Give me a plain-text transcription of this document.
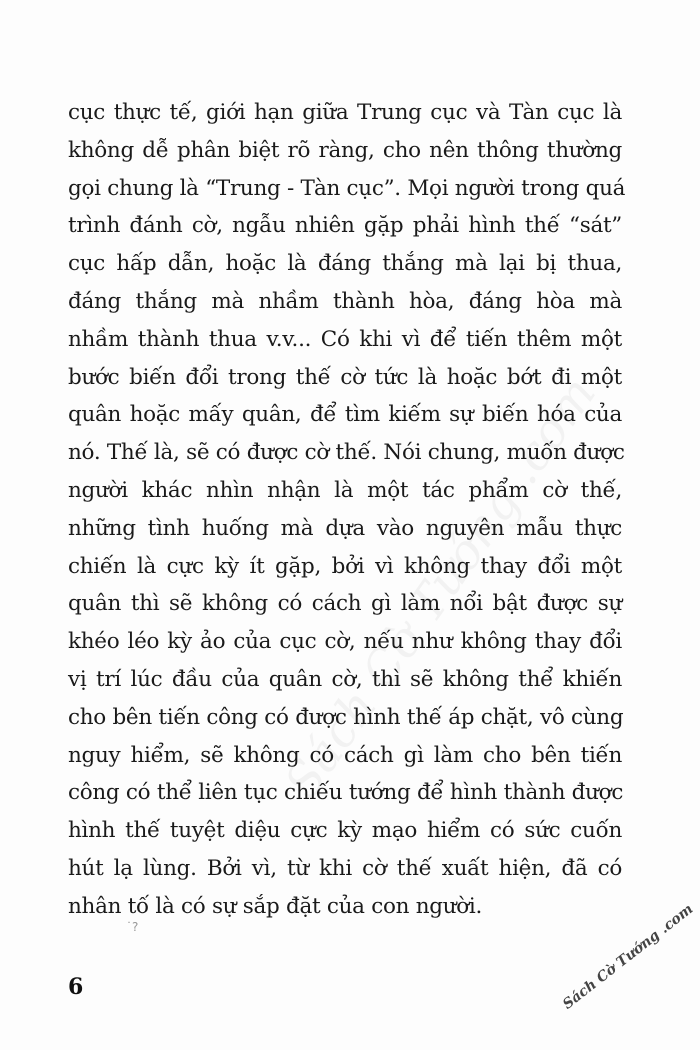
cục thực tế, giới hạn giữa Trung cục và Tàn cục là
không dễ phân biệt rõ ràng, cho nên thông thường
gọi chung là “Trung - Tàn cục”. Mọi người trong quá
trình đánh cờ, ngẫu nhiên gặp phải hình thế “sát”
cục hấp dẫn, hoặc là đáng thắng mà lại bị thua,
đáng thắng mà nhầm thành hòa, đáng hòa mà
nhầm thành thua v.v... Có khi vì để tiến thêm một
bước biến đổi trong thế cờ tức là hoặc bớt đi một
quân hoặc mấy quân, để tìm kiếm sự biến hóa của
nó. Thế là, sẽ có được cờ thế. Nói chung, muốn được
người khác nhìn nhận là một tác phẩm cờ thế,
những tình huống mà dựa vào nguyên mẫu thực
chiến là cực kỳ ít gặp, bởi vì không thay đổi một
quân thì sẽ không có cách gì làm nổi bật được sự
khéo léo kỳ ảo của cục cờ, nếu như không thay đổi
vị trí lúc đầu của quân cờ, thì sẽ không thể khiến
cho bên tiến công có được hình thế áp chặt, vô cùng
nguy hiểm, sẽ không có cách gì làm cho bên tiến
công có thể liên tục chiếu tướng để hình thành được
hình thế tuyệt diệu cực kỳ mạo hiểm có sức cuốn
hút lạ lùng. Bởi vì, từ khi cờ thế xuất hiện, đã có
nhân tố là có sự sắp đặt của con người.
˙?
6	Sách Cờ Tướng .com
